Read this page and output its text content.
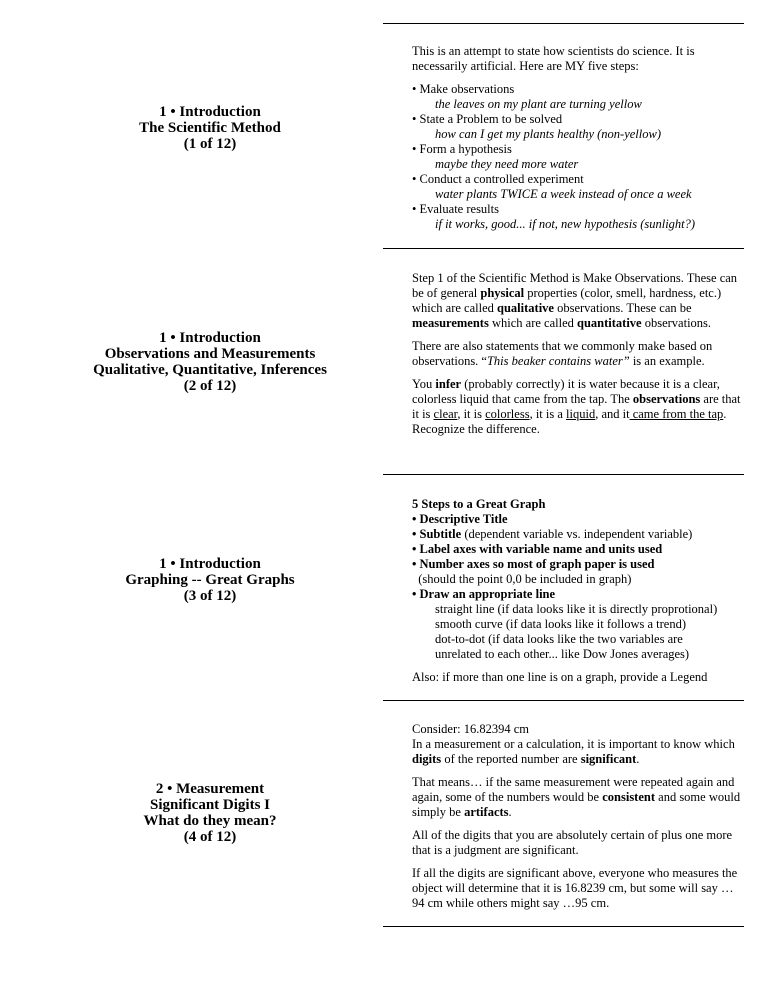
1 • Introduction
The Scientific Method
(1 of 12)

This is an attempt to state how scientists do science. It is necessarily artificial. Here are MY five steps:

• Make observations
the leaves on my plant are turning yellow
• State a Problem to be solved
how can I get my plants healthy (non-yellow)
• Form a hypothesis
maybe they need more water
• Conduct a controlled experiment
water plants TWICE a week instead of once a week
• Evaluate results
if it works, good... if not, new hypothesis (sunlight?)
1 • Introduction
Observations and Measurements
Qualitative, Quantitative, Inferences
(2 of 12)

Step 1 of the Scientific Method is Make Observations. These can be of general physical properties (color, smell, hardness, etc.) which are called qualitative observations. These can be measurements which are called quantitative observations.

There are also statements that we commonly make based on observations. “This beaker contains water” is an example.

You infer (probably correctly) it is water because it is a clear, colorless liquid that came from the tap. The observations are that it is clear, it is colorless, it is a liquid, and it came from the tap. Recognize the difference.

1 • Introduction
Graphing -- Great Graphs
(3 of 12)
5 Steps to a Great Graph
• Descriptive Title
• Subtitle (dependent variable vs. independent variable)
• Label axes with variable name and units used
• Number axes so most of graph paper is used
(should the point 0,0 be included in graph)
• Draw an appropriate line
straight line (if data looks like it is directly proprotional)
smooth curve (if data looks like it follows a trend)
dot-to-dot (if data looks like the two variables are
unrelated to each other... like Dow Jones averages)

Also: if more than one line is on a graph, provide a Legend

2 • Measurement
Significant Digits I
What do they mean?
(4 of 12)
Consider: 16.82394 cm

In a measurement or a calculation, it is important to know which digits of the reported number are significant.

That means… if the same measurement were repeated again and again, some of the numbers would be consistent and some would simply be artifacts.

All of the digits that you are absolutely certain of plus one more that is a judgment are significant.

If all the digits are significant above, everyone who measures the object will determine that it is 16.8239 cm, but some will say …94 cm while others might say …95 cm.
